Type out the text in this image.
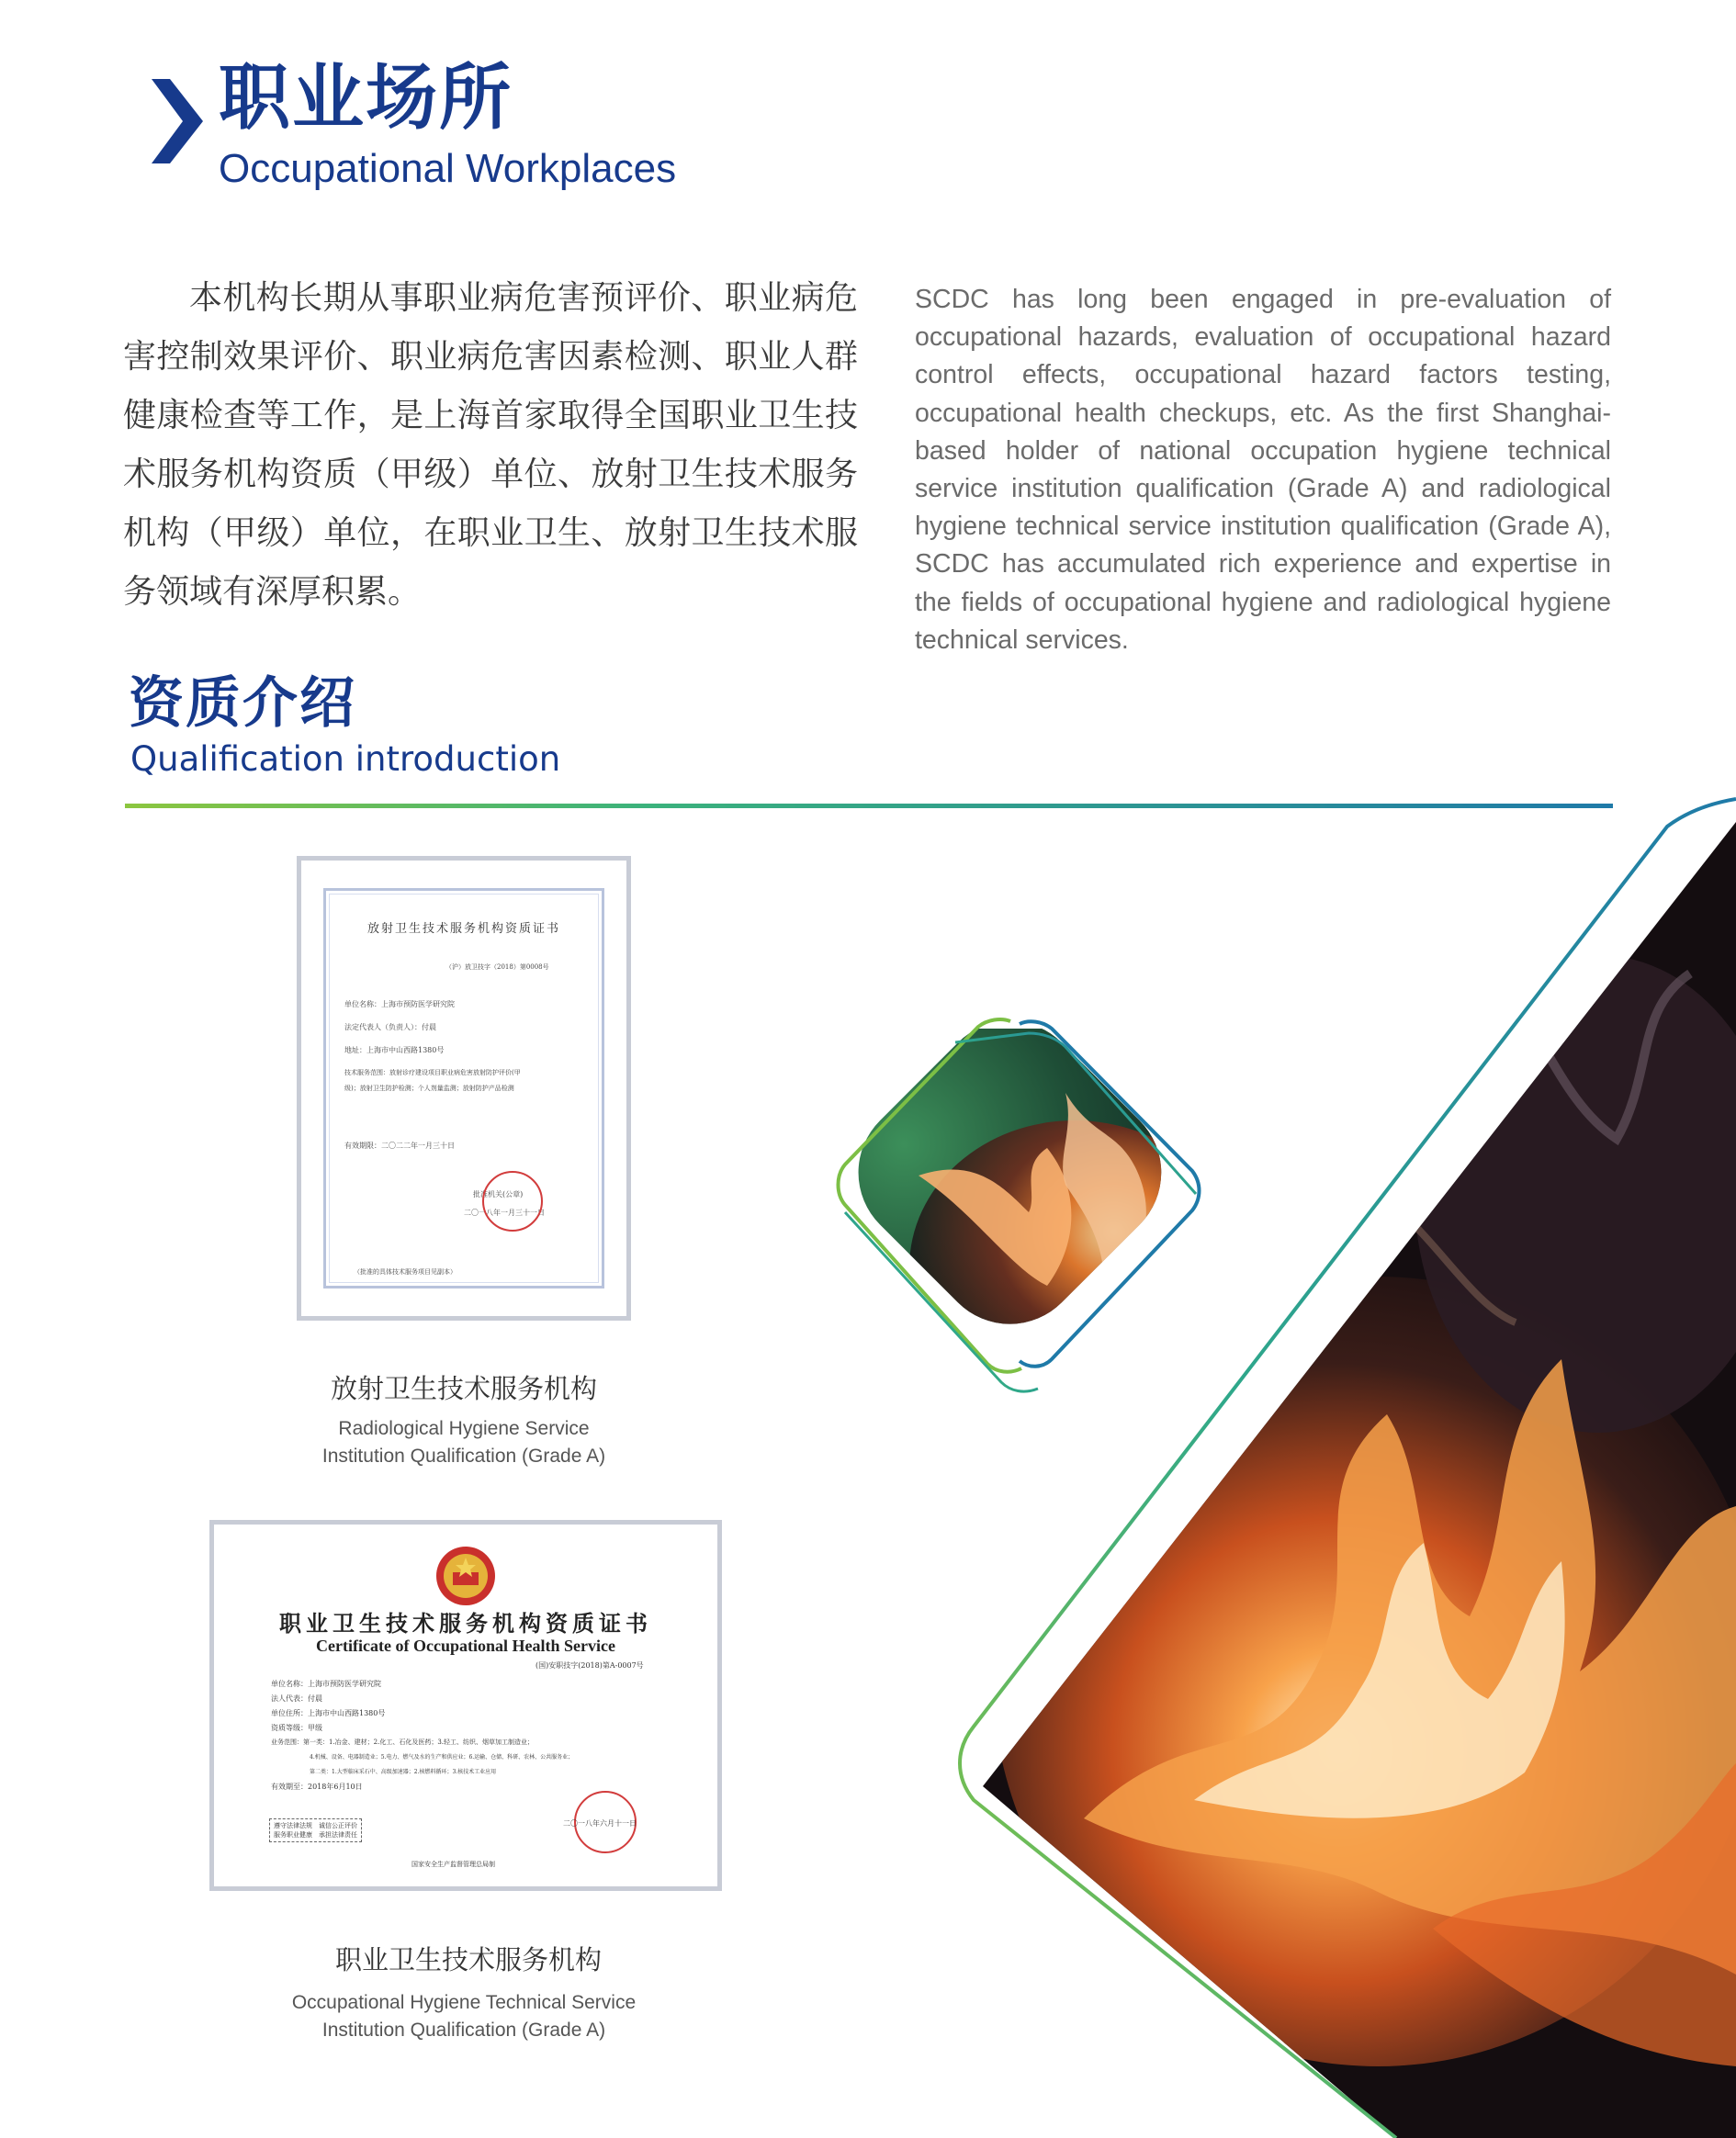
职业场所
Occupational Workplaces
本机构长期从事职业病危害预评价、职业病危害控制效果评价、职业病危害因素检测、职业人群健康检查等工作，是上海首家取得全国职业卫生技术服务机构资质（甲级）单位、放射卫生技术服务机构（甲级）单位，在职业卫生、放射卫生技术服务领域有深厚积累。
SCDC has long been engaged in pre-evaluation of occupational hazards, evaluation of occupational hazard control effects, occupational hazard factors testing, occupational health checkups, etc. As the first Shanghai-based holder of national occupation hygiene technical service institution qualification (Grade A) and radiological hygiene technical service institution qualification (Grade A), SCDC has accumulated rich experience and expertise in the fields of occupational hygiene and radiological hygiene technical services.
资质介绍
Qualification introduction
放射卫生技术服务机构资质证书
（沪）放卫技字（2018）第0008号
单位名称：上海市预防医学研究院
法定代表人（负责人）：付晨
地址：上海市中山西路1380号
技术服务范围：放射诊疗建设项目职业病危害放射防护评价(甲
级)；放射卫生防护检测；个人剂量监测；放射防护产品检测
有效期限：二〇二二年一月三十日
批准机关(公章)
二〇一八年一月三十一日
（批准的具体技术服务项目见副本）
放射卫生技术服务机构
Radiological Hygiene Service
Institution Qualification (Grade A)
职业卫生技术服务机构资质证书
Certificate of Occupational Health Service
(国)安职技字(2018)第A-0007号
单位名称：上海市预防医学研究院
法人代表：付晨
单位住所：上海市中山西路1380号
资质等级：甲级
业务范围：第一类：1.冶金、建材；2.化工、石化及医药；3.轻工、纺织、烟草加工制造业；
4.机械、设备、电器制造业；5.电力、燃气及水的生产和供应业；6.运输、仓储、科研、农林、公共服务业；
第二类：1.大型临床采石中、高级加速器；2.核燃料循环；3.核技术工业应用
有效期至：2018年6月10日
遵守法律法规　诚信公正评价
服务职业健康　承担法律责任
二〇一八年六月十一日
国家安全生产监督管理总局制
职业卫生技术服务机构
Occupational Hygiene Technical Service
Institution Qualification (Grade A)
